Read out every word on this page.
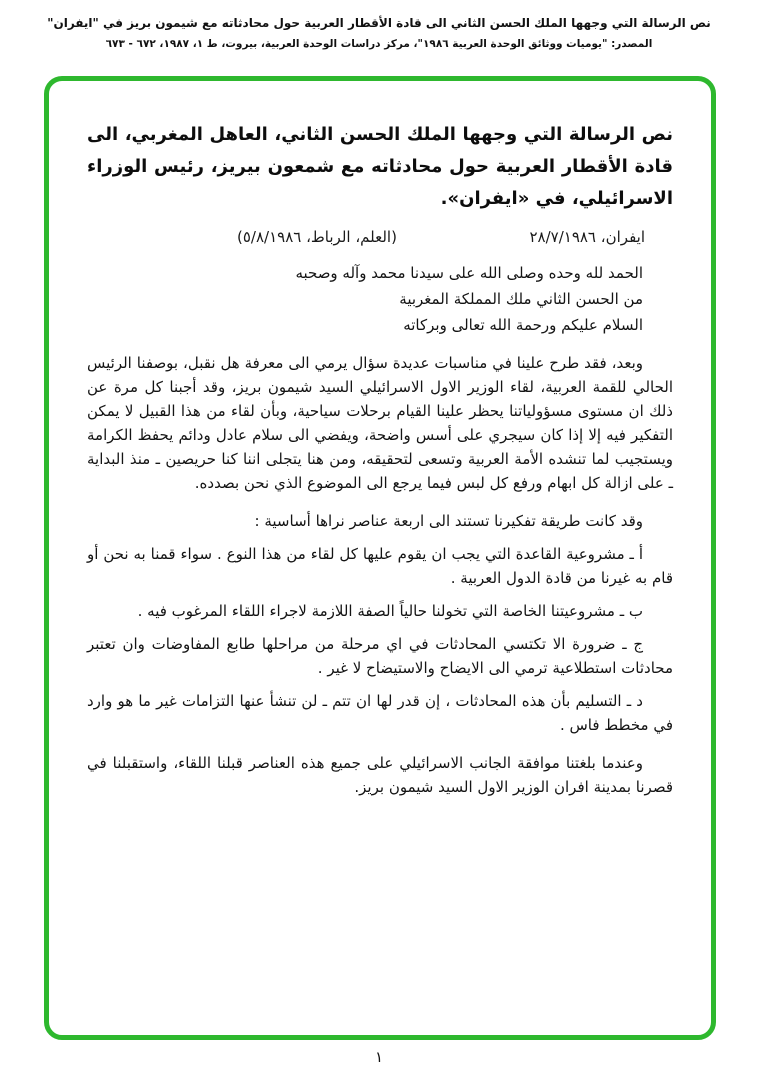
نص الرسالة التي وجهها الملك الحسن الثاني الى قادة الأقطار العربية حول محادثاته مع شيمون بريز في "ايفران"
المصدر: "يوميات ووثائق الوحدة العربية ١٩٨٦"، مركز دراسات الوحدة العربية، بيروت، ط ١، ١٩٨٧، ٦٧٢ - ٦٧٣

نص الرسالة التي وجهها الملك الحسن الثاني، العاهل المغربي، الى قادة الأقطار العربية حول محادثاته مع شمعون بيريز، رئيس الوزراء الاسرائيلي، في «ايفران».

ايفران، ٢٨/٧/١٩٨٦
(العلم، الرباط، ٥/٨/١٩٨٦)

الحمد لله وحده وصلى الله على سيدنا محمد وآله وصحبه

من الحسن الثاني ملك المملكة المغربية

السلام عليكم ورحمة الله تعالى وبركاته

وبعد، فقد طرح علينا في مناسبات عديدة سؤال يرمي الى معرفة هل نقبل، بوصفنا الرئيس الحالي للقمة العربية، لقاء الوزير الاول الاسرائيلي السيد شيمون بريز، وقد أجبنا كل مرة عن ذلك ان مستوى مسؤولياتنا يحظر علينا القيام برحلات سياحية، وبأن لقاء من هذا القبيل لا يمكن التفكير فيه إلا إذا كان سيجري على أسس واضحة، ويفضي الى سلام عادل ودائم يحفظ الكرامة ويستجيب لما تنشده الأمة العربية وتسعى لتحقيقه، ومن هنا يتجلى اننا كنا حريصين ـ منذ البداية ـ على ازالة كل ابهام ورفع كل لبس فيما يرجع الى الموضوع الذي نحن بصدده.

وقد كانت طريقة تفكيرنا تستند الى اربعة عناصر نراها أساسية :

أ ـ مشروعية القاعدة التي يجب ان يقوم عليها كل لقاء من هذا النوع . سواء قمنا به نحن أو قام به غيرنا من قادة الدول العربية .

ب ـ مشروعيتنا الخاصة التي تخولنا حالياً الصفة اللازمة لاجراء اللقاء المرغوب فيه .

ج ـ ضرورة الا تكتسي المحادثات في اي مرحلة من مراحلها طابع المفاوضات وان تعتبر محادثات استطلاعية ترمي الى الايضاح والاستيضاح لا غير .

د ـ التسليم بأن هذه المحادثات ، إن قدر لها ان تتم ـ لن تنشأ عنها التزامات غير ما هو وارد في مخطط فاس .

وعندما بلغتنا موافقة الجانب الاسرائيلي على جميع هذه العناصر قبلنا اللقاء، واستقبلنا في قصرنا بمدينة افران الوزير الاول السيد شيمون بريز.

١
